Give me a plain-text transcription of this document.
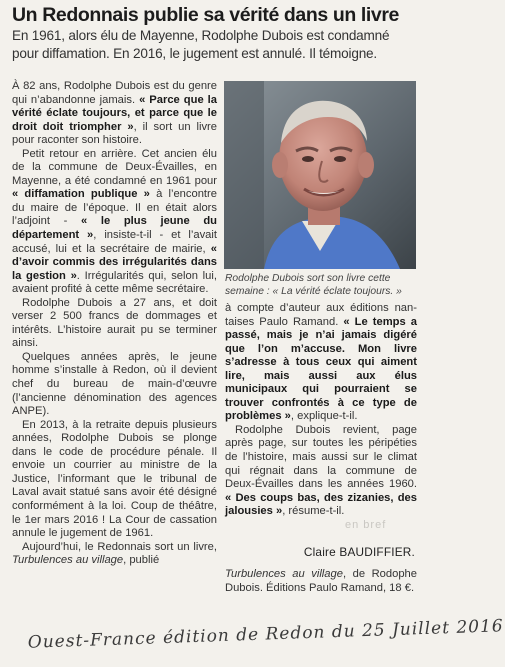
Un Redonnais publie sa vérité dans un livre
En 1961, alors élu de Mayenne, Rodolphe Dubois est condamné pour diffamation. En 2016, le jugement est annulé. Il témoigne.

À 82 ans, Rodolphe Dubois est du genre qui n’abandonne jamais. « Parce que la vérité éclate toujours, et parce que le droit doit triompher », il sort un livre pour raconter son histoire.

Petit retour en arrière. Cet ancien élu de la commune de Deux-Évailles, en Mayenne, a été condamné en 1961 pour « diffamation publique » à l’encontre du maire de l’époque. Il en était alors l’adjoint - « le plus jeune du département », insiste-t-il - et l’avait accusé, lui et la secrétaire de mairie, « d’avoir commis des irrégularités dans la gestion ». Irrégularités qui, selon lui, avaient profité à cette même secrétaire.

Rodolphe Dubois a 27 ans, et doit verser 2 500 francs de dommages et intérêts. L’histoire aurait pu se terminer ainsi.

Quelques années après, le jeune homme s’installe à Redon, où il devient chef du bureau de main-d’œuvre (l’ancienne dénomination des agences ANPE).

En 2013, à la retraite depuis plusieurs années, Rodolphe Dubois se plonge dans le code de procédure pénale. Il envoie un courrier au ministre de la Justice, l’informant que le tribunal de Laval avait statué sans avoir été désigné conformément à la loi. Coup de théâtre, le 1er mars 2016 ! La Cour de cassation annule le jugement de 1961.

Aujourd’hui, le Redonnais sort un livre, Turbulences au village, publié

Rodolphe Dubois sort son livre cette semaine : « La vérité éclate toujours. »

à compte d’auteur aux éditions nantaises Paulo Ramand. « Le temps a passé, mais je n’ai jamais digéré que l’on m’accuse. Mon livre s’adresse à tous ceux qui aiment lire, mais aussi aux élus municipaux qui pourraient se trouver confrontés à ce type de problèmes », explique-t-il.

Rodolphe Dubois revient, page après page, sur toutes les péripéties de l’histoire, mais aussi sur le climat qui régnait dans la commune de Deux-Évailles dans les années 1960. « Des coups bas, des zizanies, des jalousies », résume-t-il.

en bref
Claire BAUDIFFIER.
Turbulences au village, de Rodophe Dubois. Éditions Paulo Ramand, 18 €.
Ouest-France édition de Redon du 25 Juillet 2016
